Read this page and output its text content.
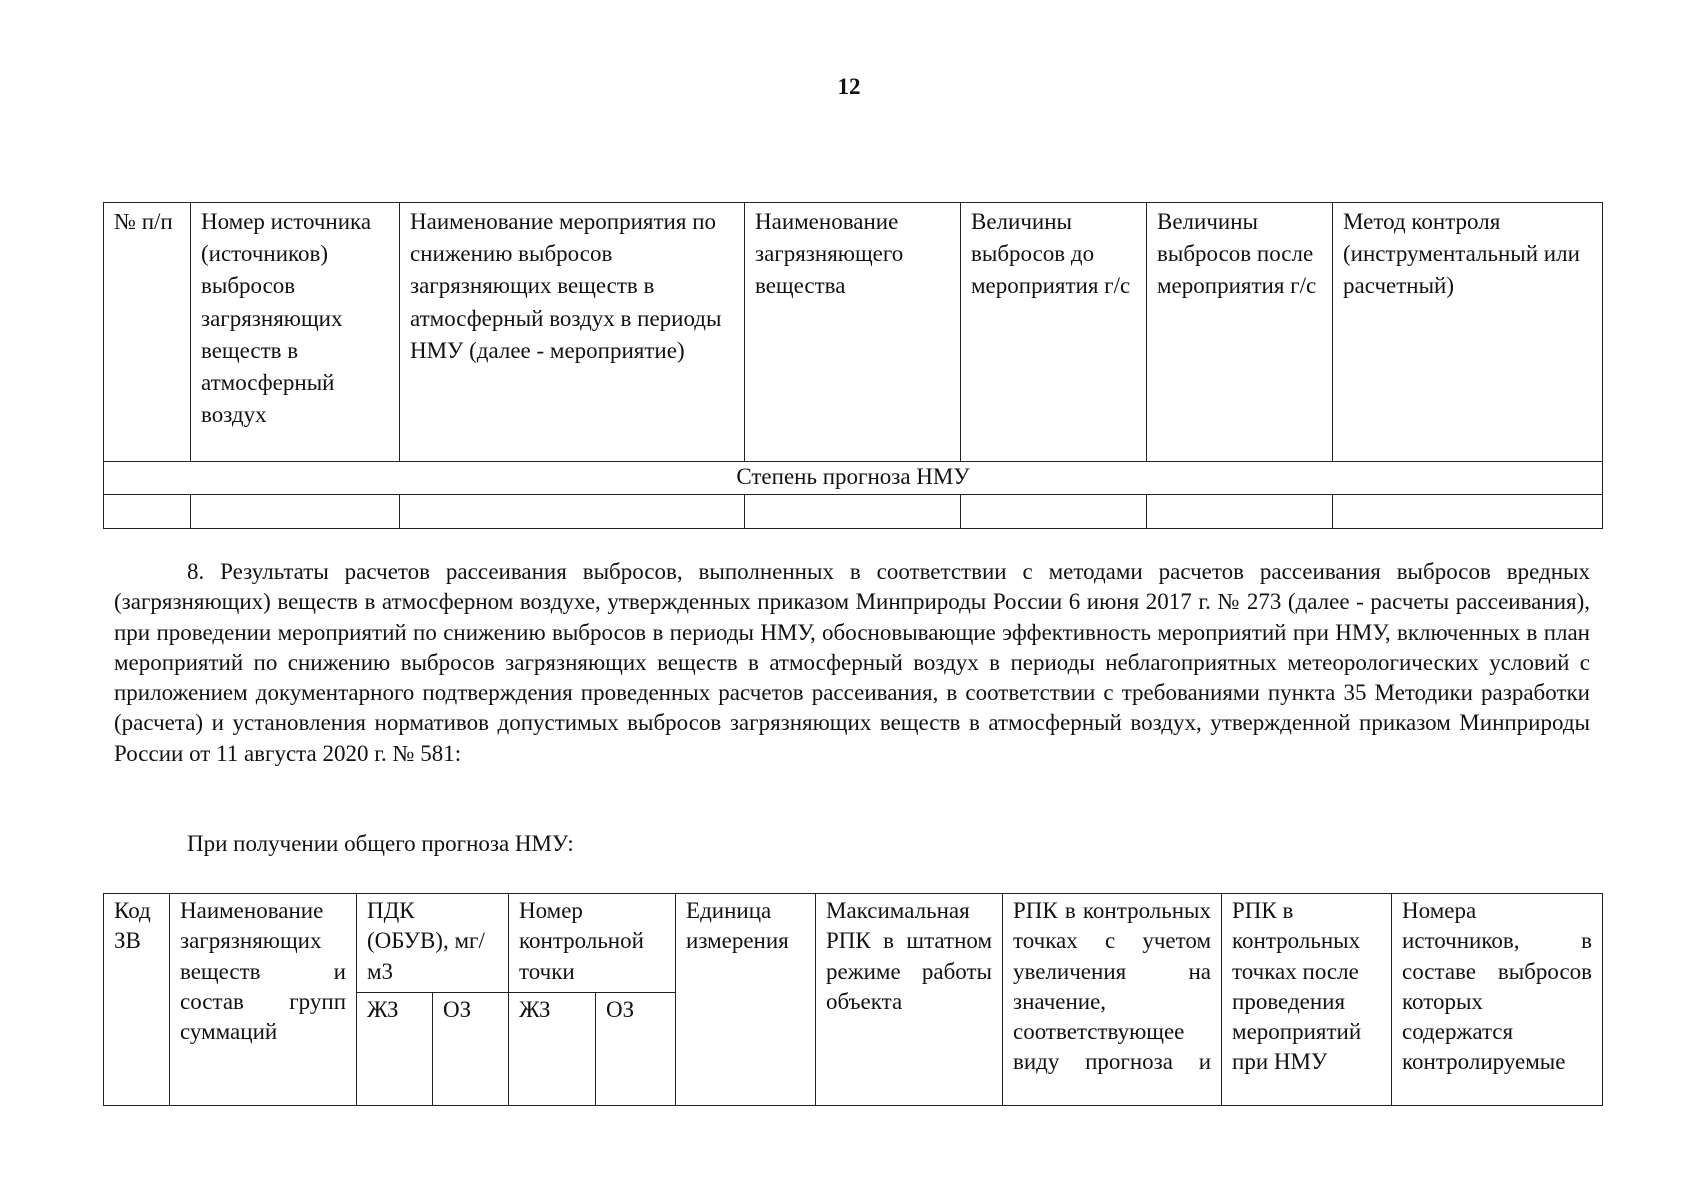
12
№ п/п	Номер источника (источников) выбросов загрязняющих веществ в атмосферный воздух	Наименование мероприятия по снижению выбросов загрязняющих веществ в атмосферный воздух в периоды НМУ (далее - мероприятие)	Наименование загрязняющего вещества	Величины выбросов до мероприятия г/с	Величины выбросов после мероприятия г/с	Метод контроля (инструментальный или расчетный)
Степень прогноза НМУ						

8. Результаты расчетов рассеивания выбросов, выполненных в соответствии с методами расчетов рассеивания выбросов вредных (загрязняющих) веществ в атмосферном воздухе, утвержденных приказом Минприроды России 6 июня 2017 г. № 273 (далее - расчеты рассеивания), при проведении мероприятий по снижению выбросов в периоды НМУ, обосновывающие эффективность мероприятий при НМУ, включенных в план мероприятий по снижению выбросов загрязняющих веществ в атмосферный воздух в периоды неблагоприятных метеорологических условий с приложением документарного подтверждения проведенных расчетов рассеивания, в соответствии с требованиями пункта 35 Методики разработки (расчета) и установления нормативов допустимых выбросов загрязняющих веществ в атмосферный воздух, утвержденной приказом Минприроды России от 11 августа 2020 г. № 581:

При получении общего прогноза НМУ:

Код ЗВ	Наименование загрязняющих веществ и состав групп суммаций	ПДК (ОБУВ), мг/м3		Номер контрольной точки		Единица измерения	Максимальная РПК в штатном режиме работы объекта	РПК в контрольных точках с учетом увеличения на значение, соответствующее виду прогноза и	РПК в контрольных точках после проведения мероприятий при НМУ	Номера источников, в составе выбросов которых содержатся контролируемые

		ЖЗ	ОЗ	ЖЗ	ОЗ					
